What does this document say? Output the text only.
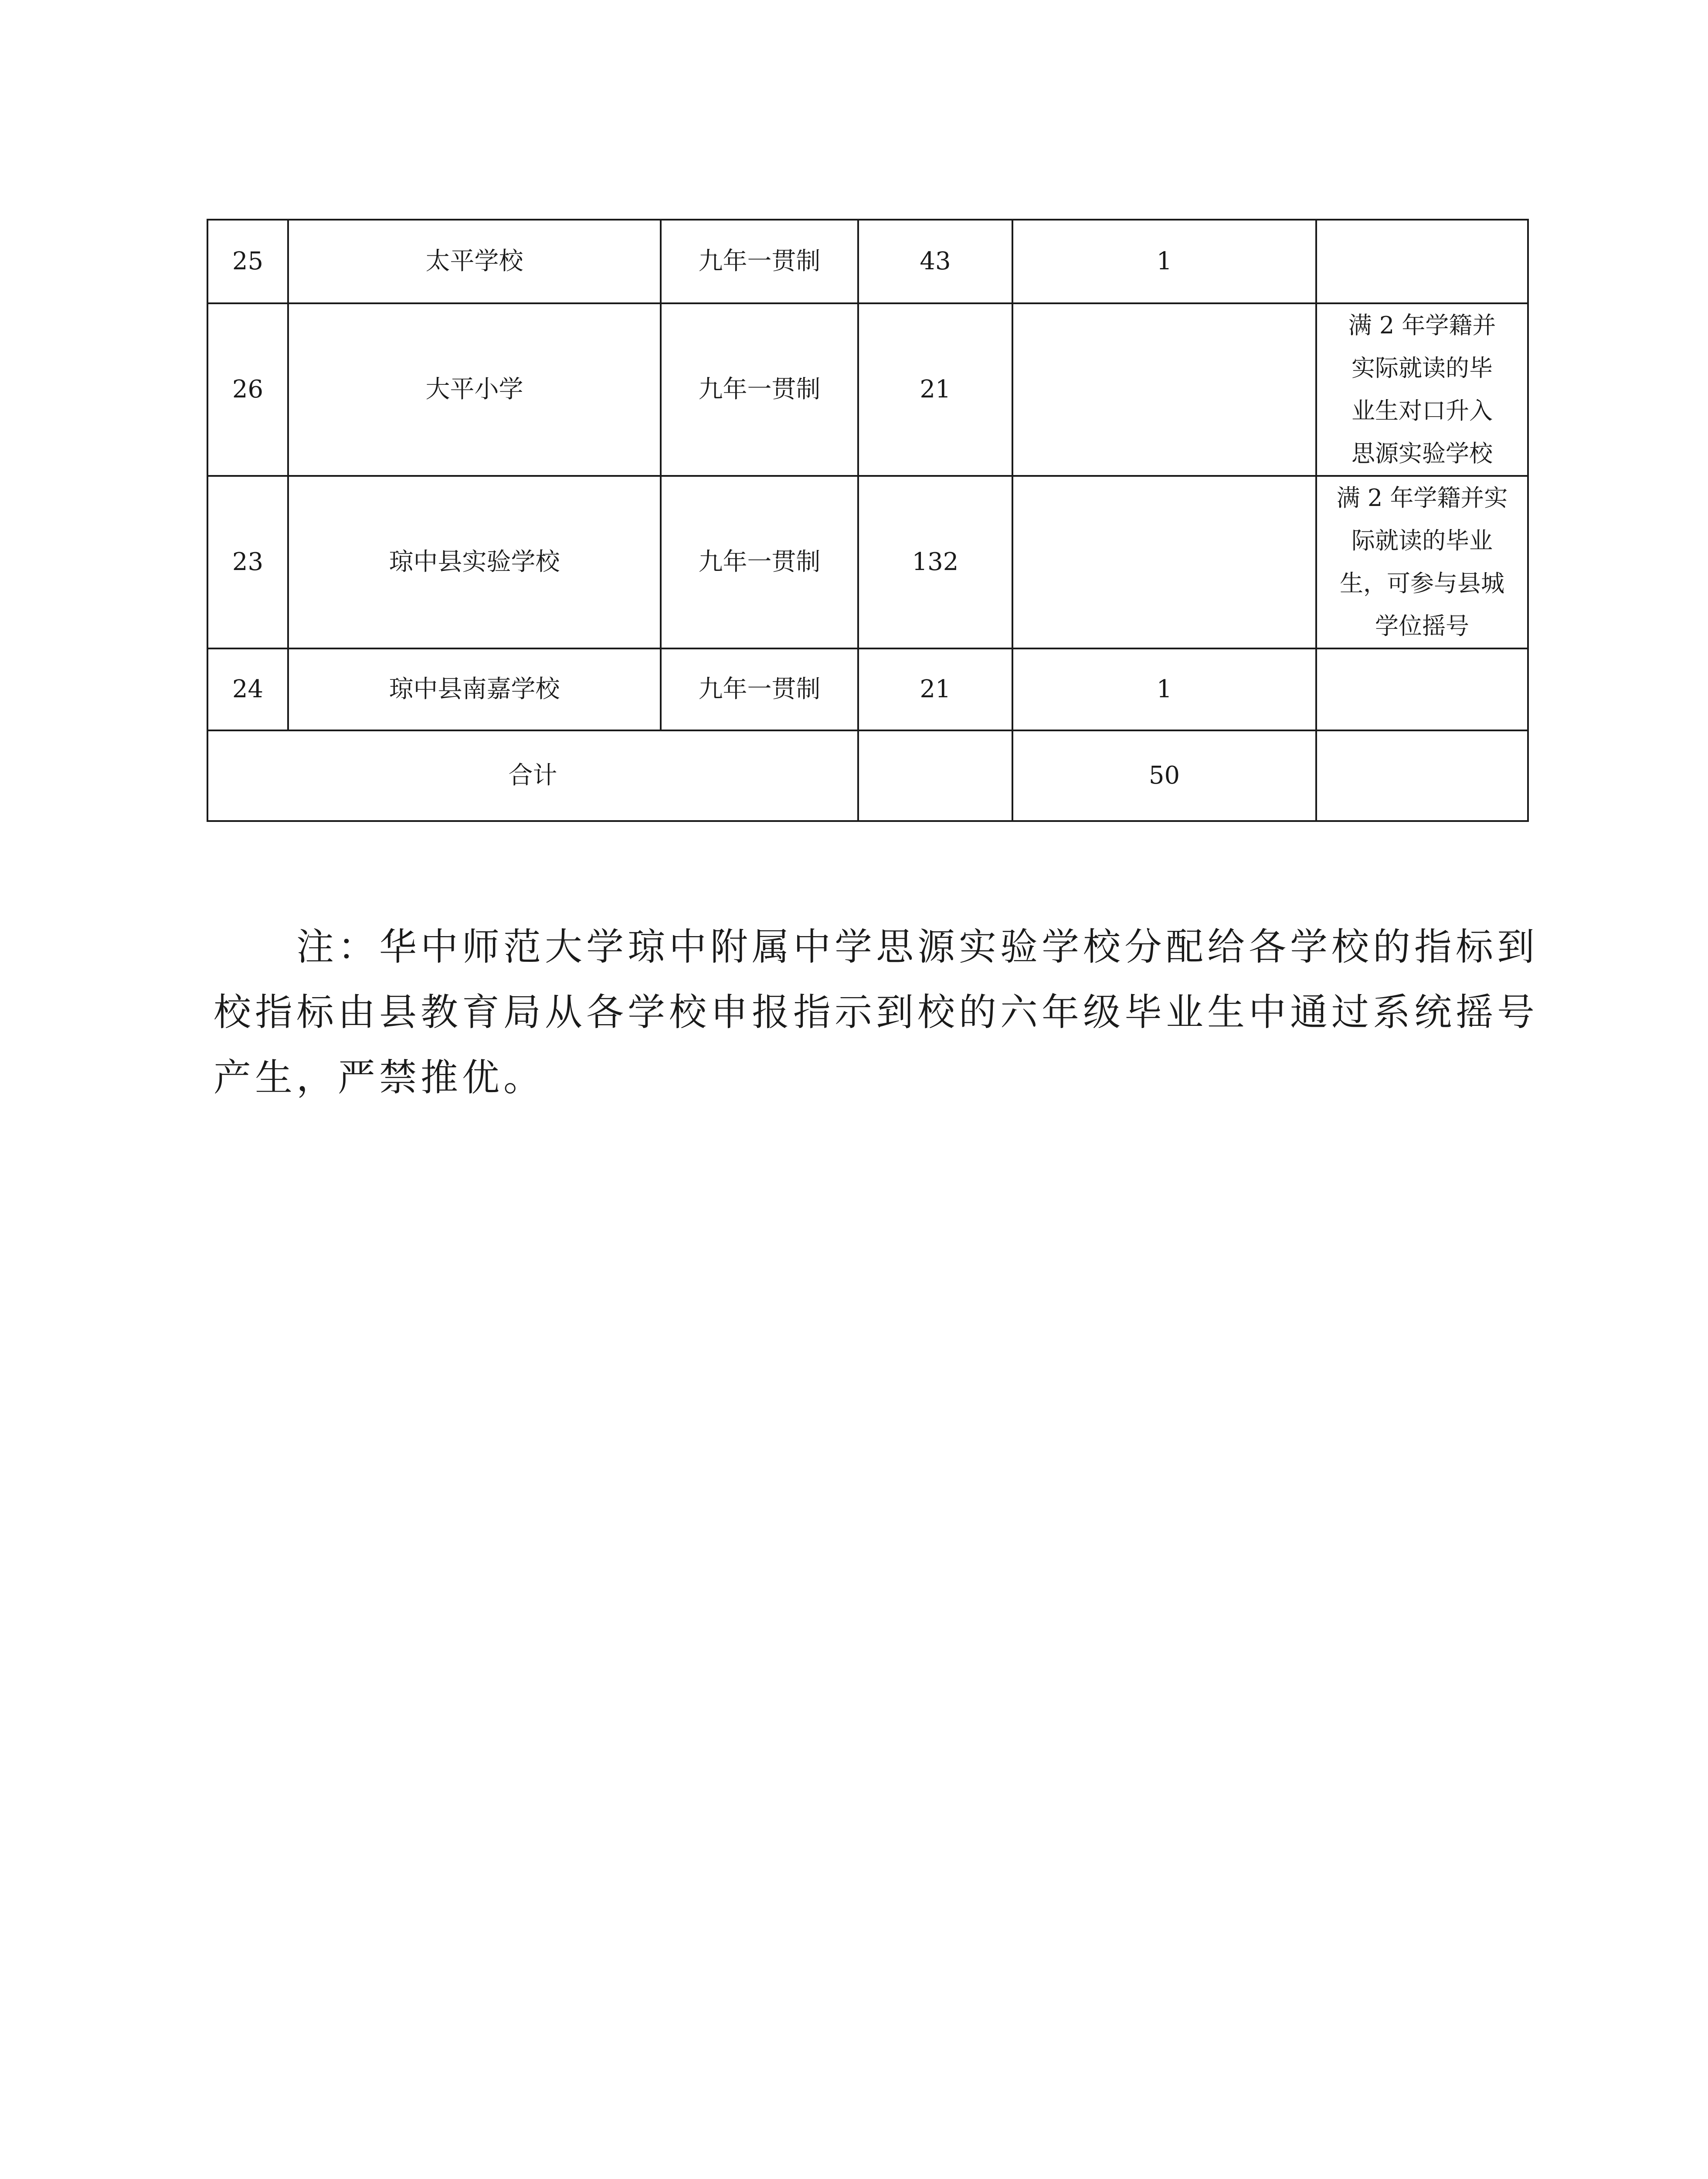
25	太平学校	九年一贯制	43	1	
26	大平小学	九年一贯制	21		满 2 年学籍并
实际就读的毕
业生对口升入
思源实验学校

23	琼中县实验学校	九年一贯制	132		满 2 年学籍并实
际就读的毕业
生，可参与县城
学位摇号

24	琼中县南嘉学校	九年一贯制	21	1	
合计				50	

注：华中师范大学琼中附属中学思源实验学校分配给各学校的指标到校指标由县教育局从各学校申报指示到校的六年级毕业生中通过系统摇号产生，严禁推优。
